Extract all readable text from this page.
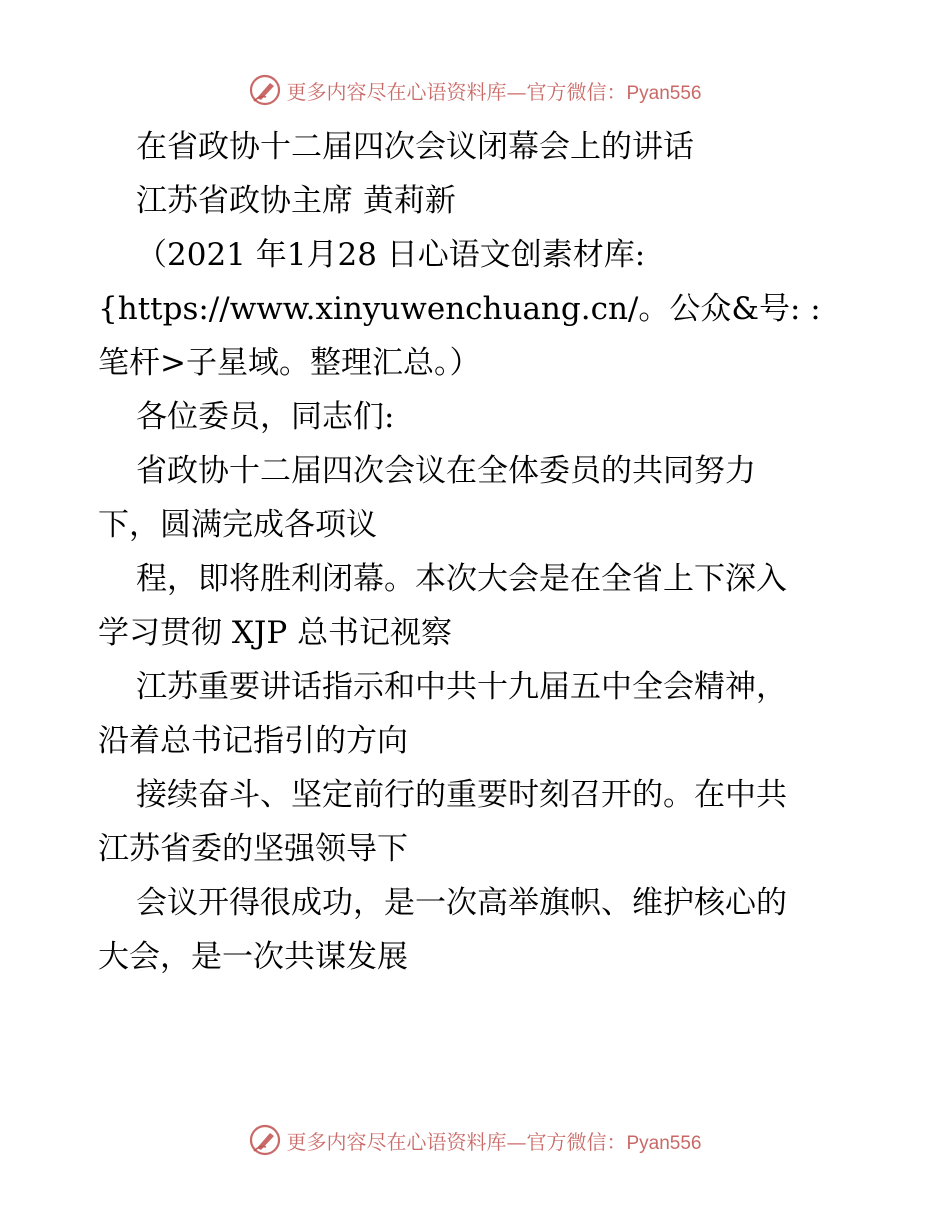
更多内容尽在心语资料库—官方微信：Pyan556
在省政协十二届四次会议闭幕会上的讲话
江苏省政协主席 黄莉新
（2021 年1月28 日心语文创素材库:
{https://www.xinyuwenchuang.cn/。公众&号: :
笔杆>子星域。整理汇总。）
各位委员，同志们:
省政协十二届四次会议在全体委员的共同努力
下，圆满完成各项议
程，即将胜利闭幕。本次大会是在全省上下深入
学习贯彻 XJP 总书记视察
江苏重要讲话指示和中共十九届五中全会精神，
沿着总书记指引的方向
接续奋斗、坚定前行的重要时刻召开的。在中共
江苏省委的坚强领导下
会议开得很成功，是一次高举旗帜、维护核心的
大会，是一次共谋发展
更多内容尽在心语资料库—官方微信：Pyan556
